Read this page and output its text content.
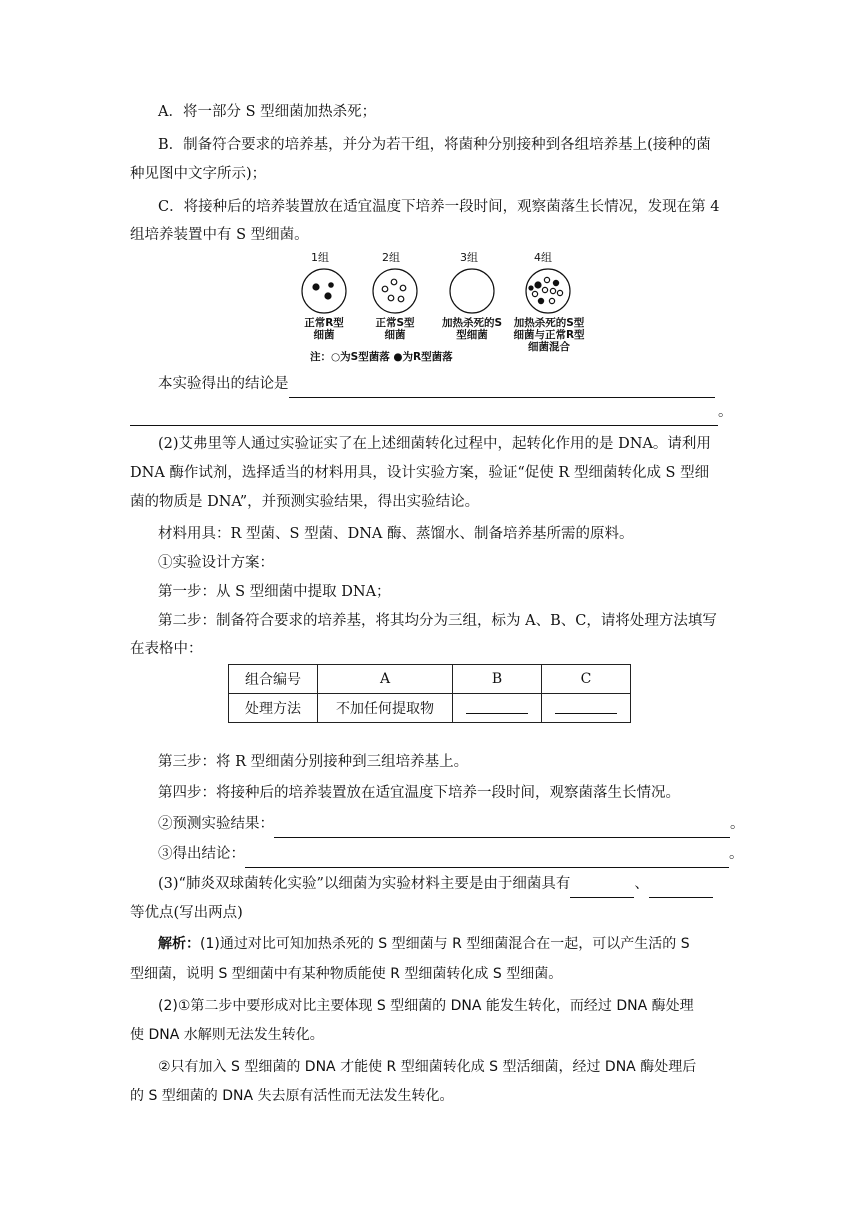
A．将一部分 S 型细菌加热杀死；
B．制备符合要求的培养基，并分为若干组，将菌种分别接种到各组培养基上(接种的菌
种见图中文字所示)；
C．将接种后的培养装置放在适宜温度下培养一段时间，观察菌落生长情况，发现在第 4
组培养装置中有 S 型细菌。
1组	2组	3组	4组
正常R型细菌
正常S型细菌
加热杀死的S型细菌
加热杀死的S型细菌与正常R型细菌混合
注：○为S型菌落 ●为R型菌落
本实验得出的结论是
。
(2)艾弗里等人通过实验证实了在上述细菌转化过程中，起转化作用的是 DNA。请利用
DNA 酶作试剂，选择适当的材料用具，设计实验方案，验证“促使 R 型细菌转化成 S 型细
菌的物质是 DNA”，并预测实验结果，得出实验结论。
材料用具：R 型菌、S 型菌、DNA 酶、蒸馏水、制备培养基所需的原料。
①实验设计方案：
第一步：从 S 型细菌中提取 DNA；
第二步：制备符合要求的培养基，将其均分为三组，标为 A、B、C，请将处理方法填写
在表格中：
组合编号	A	B	C
处理方法	不加任何提取物		
第三步：将 R 型细菌分别接种到三组培养基上。
第四步：将接种后的培养装置放在适宜温度下培养一段时间，观察菌落生长情况。
②预测实验结果：	。
③得出结论：	。
(3)“肺炎双球菌转化实验”以细菌为实验材料主要是由于细菌具有	、
等优点(写出两点)
解析：(1)通过对比可知加热杀死的 S 型细菌与 R 型细菌混合在一起，可以产生活的 S
型细菌，说明 S 型细菌中有某种物质能使 R 型细菌转化成 S 型细菌。
(2)①第二步中要形成对比主要体现 S 型细菌的 DNA 能发生转化，而经过 DNA 酶处理
使 DNA 水解则无法发生转化。
②只有加入 S 型细菌的 DNA 才能使 R 型细菌转化成 S 型活细菌，经过 DNA 酶处理后
的 S 型细菌的 DNA 失去原有活性而无法发生转化。
